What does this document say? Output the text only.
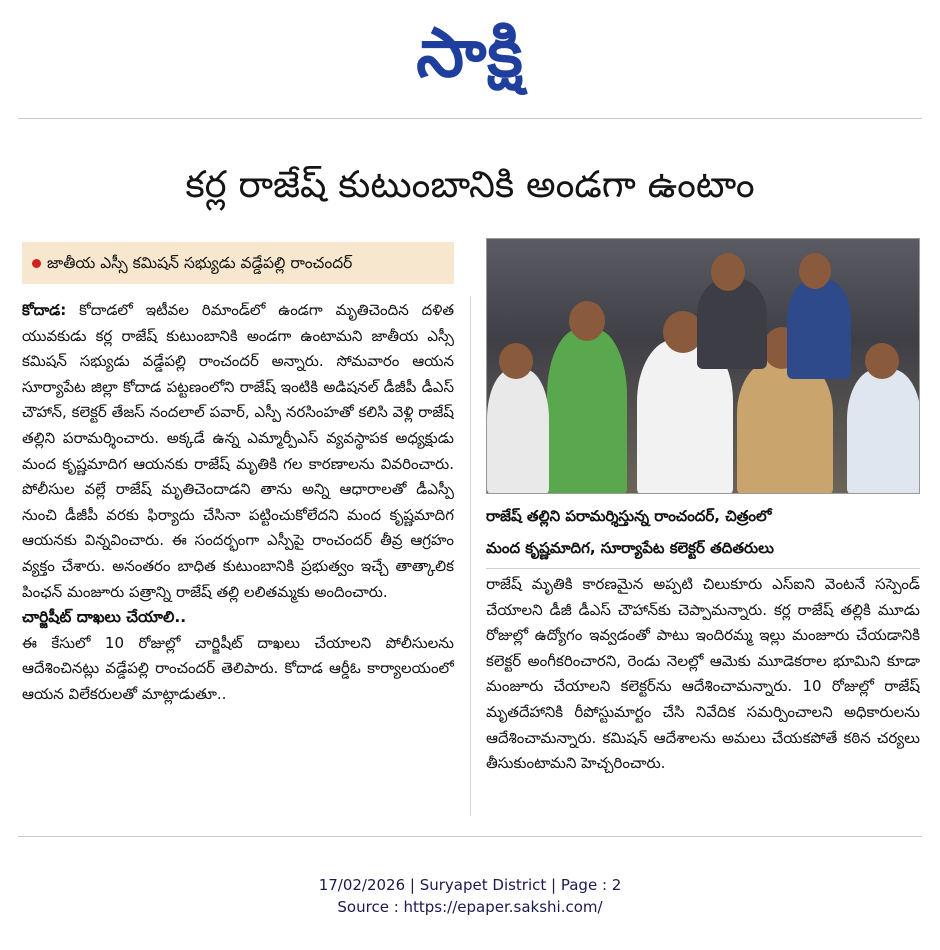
సాక్షి
కర్ల రాజేష్‌ కుటుంబానికి అండగా ఉంటాం
జాతీయ ఎస్సీ కమిషన్‌ సభ్యుడు వడ్డేపల్లి రాంచందర్‌

కోదాడ: కోదాడలో ఇటీవల రిమాండ్‌లో ఉండగా మృతిచెందిన దళిత యువకుడు కర్ల రాజేష్‌ కుటుంబానికి అండగా ఉంటామని జాతీయ ఎస్సీ కమిషన్‌ సభ్యుడు వడ్డేపల్లి రాంచందర్‌ అన్నారు. సోమవారం ఆయన సూర్యాపేట జిల్లా కోదాడ పట్టణంలోని రాజేష్‌ ఇంటికి అడిషనల్‌ డీజీపీ డీఎస్‌ చౌహాన్‌, కలెక్టర్‌ తేజస్‌ నందలాల్‌ పవార్‌, ఎస్పీ నరసింహతో కలిసి వెళ్లి రాజేష్‌ తల్లిని పరామర్శించారు. అక్కడే ఉన్న ఎమ్మార్పీఎస్‌ వ్యవస్థాపక అధ్యక్షుడు మంద కృష్ణమాదిగ ఆయనకు రాజేష్‌ మృతికి గల కారణాలను వివరించారు. పోలీసుల వల్లే రాజేష్‌ మృతిచెందాడని తాను అన్ని ఆధారాలతో డీఎస్పీ నుంచి డీజీపీ వరకు ఫిర్యాదు చేసినా పట్టించుకోలేదని మంద కృష్ణమాదిగ ఆయనకు విన్నవించారు. ఈ సందర్భంగా ఎస్పీపై రాంచందర్‌ తీవ్ర ఆగ్రహం వ్యక్తం చేశారు. అనంతరం బాధిత కుటుంబానికి ప్రభుత్వం ఇచ్చే తాత్కాలిక పింఛన్‌ మంజూరు పత్రాన్ని రాజేష్‌ తల్లి లలితమ్మకు అందించారు.

చార్జిషీట్‌ దాఖలు చేయాలి..

ఈ కేసులో 10 రోజుల్లో చార్జిషీట్‌ దాఖలు చేయాలని పోలీసులను ఆదేశించినట్లు వడ్డేపల్లి రాంచందర్‌ తెలిపారు. కోదాడ ఆర్డీఓ కార్యాలయంలో ఆయన విలేకరులతో మాట్లాడుతూ..

రాజేష్‌ తల్లిని పరామర్శిస్తున్న రాంచందర్‌, చిత్రంలో
మంద కృష్ణమాదిగ, సూర్యాపేట కలెక్టర్‌ తదితరులు

రాజేష్‌ మృతికి కారణమైన అప్పటి చిలుకూరు ఎస్‌ఐని వెంటనే సస్పెండ్‌ చేయాలని డీజీ డీఎస్‌ చౌహాన్‌కు చెప్పామన్నారు. కర్ల రాజేష్‌ తల్లికి మూడు రోజుల్లో ఉద్యోగం ఇవ్వడంతో పాటు ఇందిరమ్మ ఇల్లు మంజూరు చేయడానికి కలెక్టర్‌ అంగీకరించారని, రెండు నెలల్లో ఆమెకు మూడెకరాల భూమిని కూడా మంజూరు చేయాలని కలెక్టర్‌ను ఆదేశించామన్నారు. 10 రోజుల్లో రాజేష్‌ మృతదేహానికి రీపోస్టుమార్టం చేసి నివేదిక సమర్పించాలని అధికారులను ఆదేశించామన్నారు. కమిషన్‌ ఆదేశాలను అమలు చేయకపోతే కఠిన చర్యలు తీసుకుంటామని హెచ్చరించారు.

17/02/2026 | Suryapet District | Page : 2
Source : https://epaper.sakshi.com/
